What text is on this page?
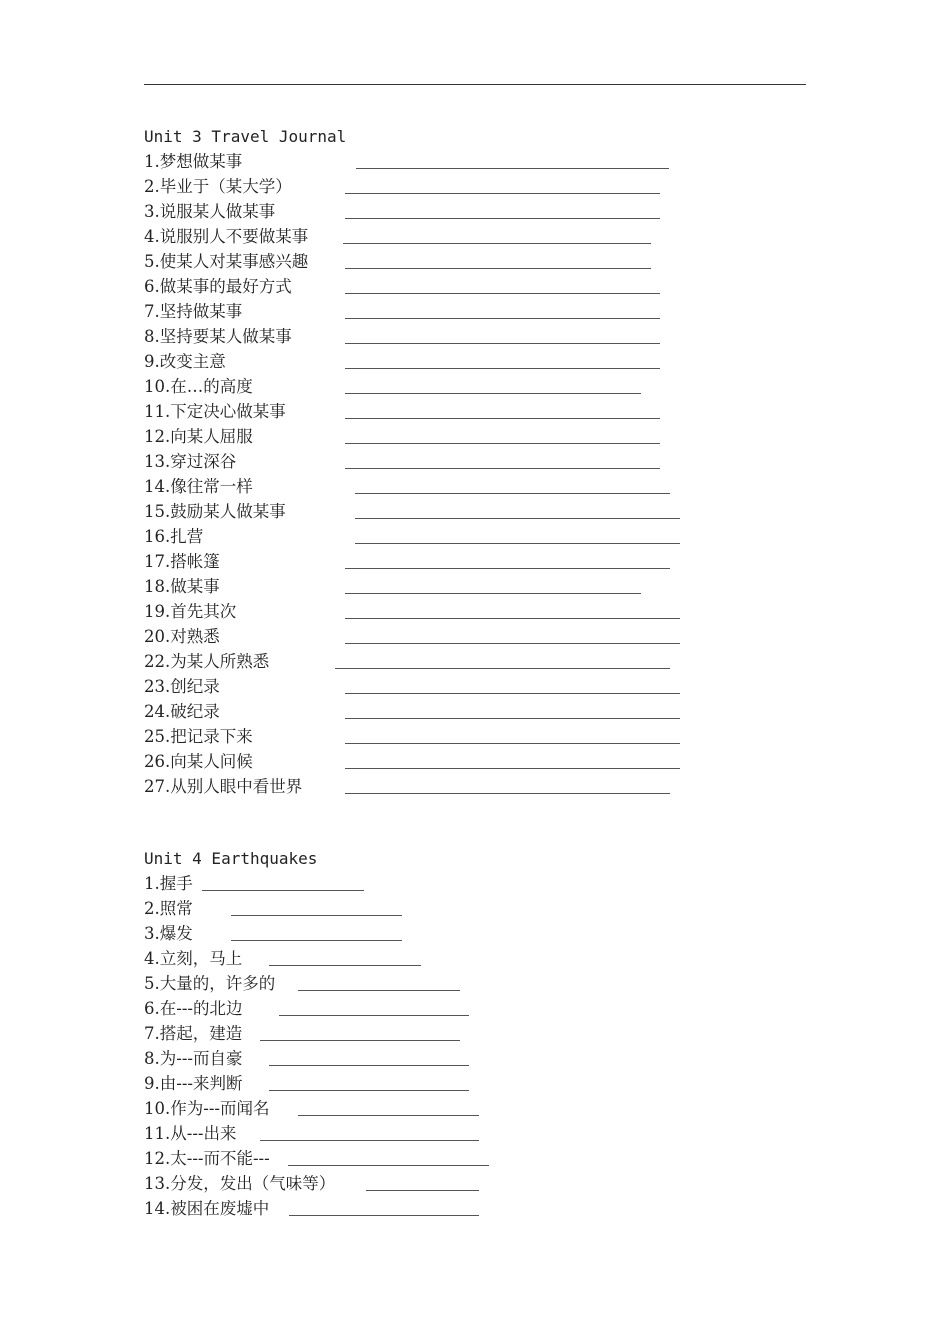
Unit 3 Travel Journal
1.梦想做某事
2.毕业于（某大学）
3.说服某人做某事
4.说服别人不要做某事
5.使某人对某事感兴趣
6.做某事的最好方式
7.坚持做某事
8.坚持要某人做某事
9.改变主意
10.在…的高度
11.下定决心做某事
12.向某人屈服
13.穿过深谷
14.像往常一样
15.鼓励某人做某事
16.扎营
17.搭帐篷
18.做某事
19.首先其次
20.对熟悉
22.为某人所熟悉
23.创纪录
24.破纪录
25.把记录下来
26.向某人问候
27.从别人眼中看世界
Unit 4 Earthquakes
1.握手
2.照常
3.爆发
4.立刻，马上
5.大量的，许多的
6.在---的北边
7.搭起，建造
8.为---而自豪
9.由---来判断
10.作为---而闻名
11.从---出来
12.太---而不能---
13.分发，发出（气味等）
14.被困在废墟中
